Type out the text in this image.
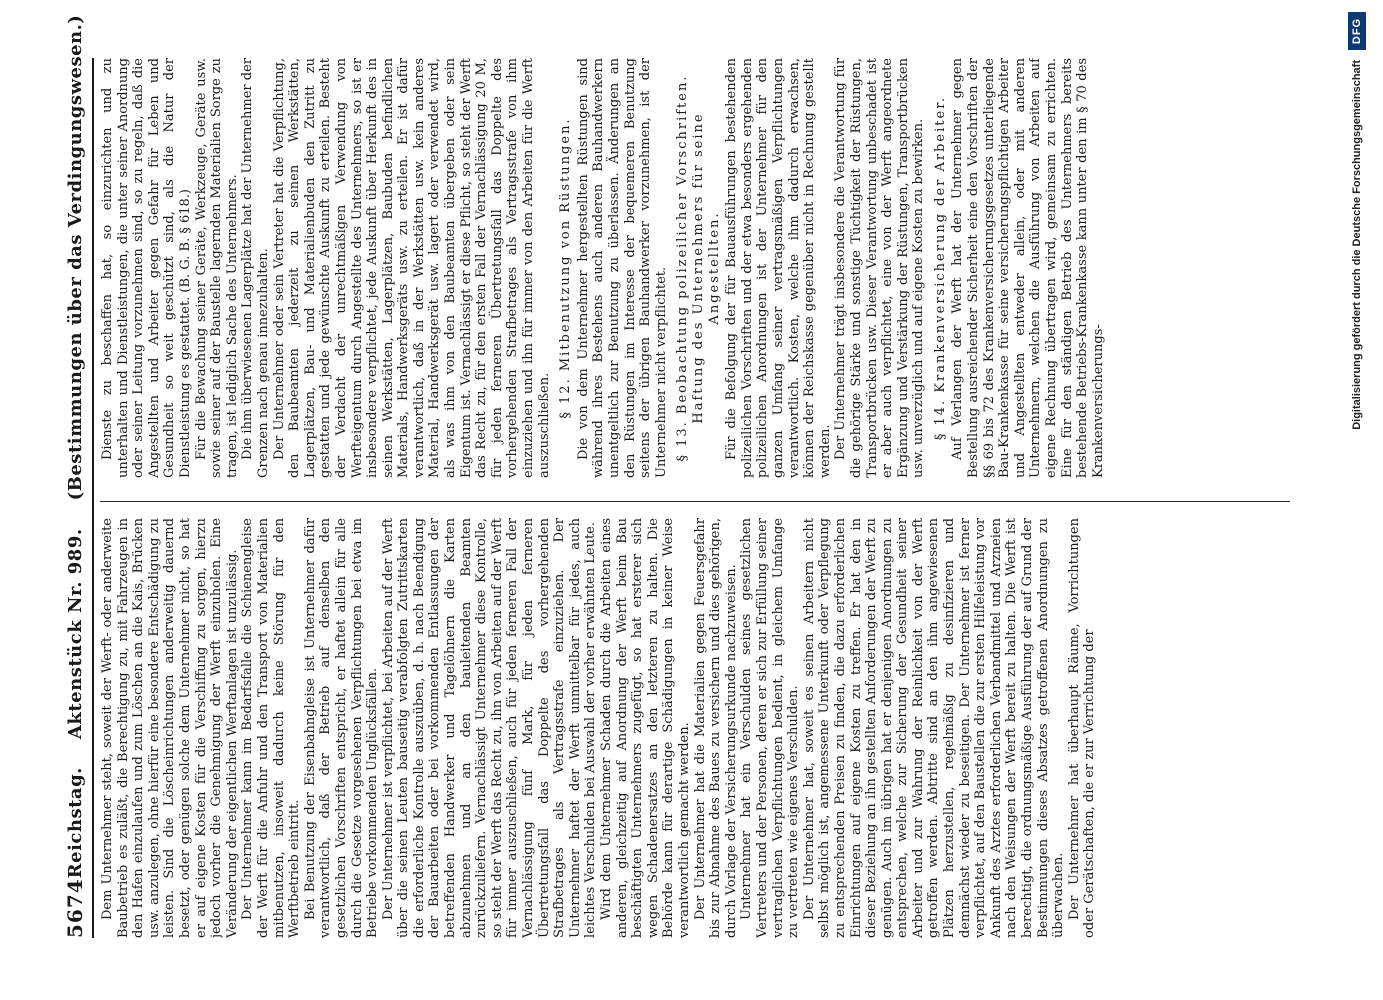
5674
Reichstag.Aktenstück Nr. 989.(Bestimmungen über das Verdingungswesen.)

Dem Unternehmer steht, soweit der Werft- oder anderweite Baubetrieb es zuläßt, die Berechtigung zu, mit Fahrzeugen in den Hafen einzulaufen und zum Löschen an die Kais, Brücken usw. anzulegen, ohne hierfür eine besondere Entschädigung zu leisten. Sind die Löscheinrichtungen anderweitig dauernd besetzt, oder genügen solche dem Unternehmer nicht, so hat er auf eigene Kosten für die Verschiffung zu sorgen, hierzu jedoch vorher die Genehmigung der Werft einzuholen. Eine Veränderung der eigentlichen Werftanlagen ist unzulässig. Der Unternehmer kann im Bedarfsfalle die Schienengleise der Werft für die Anfuhr und den Transport von Materialien mitbenutzen, insoweit dadurch keine Störung für den Werftbetrieb eintritt. Bei Benutzung der Eisenbahngleise ist Unternehmer dafür verantwortlich, daß der Betrieb auf denselben den gesetzlichen Vorschriften entspricht, er haftet allein für alle durch die Gesetze vorgesehenen Verpflichtungen bei etwa im Betriebe vorkommenden Unglücksfällen. Der Unternehmer ist verpflichtet, bei Arbeiten auf der Werft über die seinen Leuten bauseitig verabfolgten Zutrittskarten die erforderliche Kontrolle auszuüben, d. h. nach Beendigung der Bauarbeiten oder bei vorkommenden Entlassungen der betreffenden Handwerker und Tagelöhnern die Karten abzunehmen und an den bauleitenden Beamten zurückzuliefern. Vernachlässigt Unternehmer diese Kontrolle, so steht der Werft das Recht zu, ihn von Arbeiten auf der Werft für immer auszuschließen, auch für jeden ferneren Fall der Vernachlässigung fünf Mark, für jeden ferneren Übertretungsfall das Doppelte des vorhergehenden Strafbetrages als Vertragsstrafe einzuziehen. Der Unternehmer haftet der Werft unmittelbar für jedes, auch leichtes Verschulden bei Auswahl der vorher erwähnten Leute. Wird dem Unternehmer Schaden durch die Arbeiten eines anderen, gleichzeitig auf Anordnung der Werft beim Bau beschäftigten Unternehmers zugefügt, so hat ersterer sich wegen Schadenersatzes an den letzteren zu halten. Die Behörde kann für derartige Schädigungen in keiner Weise verantwortlich gemacht werden. Der Unternehmer hat die Materialien gegen Feuersgefahr bis zur Abnahme des Baues zu versichern und dies gehörigen, durch Vorlage der Versicherungsurkunde nachzuweisen. Unternehmer hat ein Verschulden seines gesetzlichen Vertreters und der Personen, deren er sich zur Erfüllung seiner vertraglichen Verpflichtungen bedient, in gleichem Umfange zu vertreten wie eigenes Verschulden. Der Unternehmer hat, soweit es seinen Arbeitern nicht selbst möglich ist, angemessene Unterkunft oder Verpflegung zu entsprechenden Preisen zu finden, die dazu erforderlichen Einrichtungen auf eigene Kosten zu treffen. Er hat den in dieser Beziehung an ihn gestellten Anforderungen der Werft zu genügen. Auch im übrigen hat er denjenigen Anordnungen zu entsprechen, welche zur Sicherung der Gesundheit seiner Arbeiter und zur Wahrung der Reinlichkeit von der Werft getroffen werden. Abtritte sind an den ihm angewiesenen Plätzen herzustellen, regelmäßig zu desinfizieren und demnächst wieder zu beseitigen. Der Unternehmer ist ferner verpflichtet, auf den Baustellen die zur ersten Hilfeleistung vor Ankunft des Arztes erforderlichen Verbandmittel und Arzneien nach den Weisungen der Werft bereit zu halten. Die Werft ist berechtigt, die ordnungsmäßige Ausführung der auf Grund der Bestimmungen dieses Absatzes getroffenen Anordnungen zu überwachen. Der Unternehmer hat überhaupt Räume, Vorrichtungen oder Gerätschaften, die er zur Verrichtung der

Dienste zu beschaffen hat, so einzurichten und zu unterhalten und Dienstleistungen, die unter seiner Anordnung oder seiner Leitung vorzunehmen sind, so zu regeln, daß die Angestellten und Arbeiter gegen Gefahr für Leben und Gesundheit so weit geschützt sind, als die Natur der Dienstleistung es gestattet. (B. G. B. § 618.) Für die Bewachung seiner Geräte, Werkzeuge, Geräte usw. sowie seiner auf der Baustelle lagernden Materialien Sorge zu tragen, ist lediglich Sache des Unternehmers. Die ihm überwiesenen Lagerplätze hat der Unternehmer der Grenzen nach genau innezuhalten. Der Unternehmer oder sein Vertreter hat die Verpflichtung, den Baubeamten jederzeit zu seinen Werkstätten, Lagerplätzen, Bau- und Materialienbuden den Zutritt zu gestatten und jede gewünschte Auskunft zu erteilen. Besteht der Verdacht der unrechtmäßigen Verwendung von Werfteigentum durch Angestellte des Unternehmers, so ist er insbesondere verpflichtet, jede Auskunft über Herkunft des in seinen Werkstätten, Lagerplätzen, Baubuden befindlichen Materials, Handwerksgeräts usw. zu erteilen. Er ist dafür verantwortlich, daß in der Werkstätten usw. kein anderes Material, Handwerksgerät usw. lagert oder verwendet wird, als was ihm von den Baubeamten übergeben oder sein Eigentum ist. Vernachlässigt er diese Pflicht, so steht der Werft das Recht zu, für den ersten Fall der Vernachlässigung 20 M, für jeden ferneren Übertretungsfall das Doppelte des vorhergehenden Strafbetrages als Vertragsstrafe von ihm einzuziehen und ihn für immer von den Arbeiten für die Werft auszuschließen.

§ 12. Mitbenutzung von Rüstungen. Die von dem Unternehmer hergestellten Rüstungen sind während ihres Bestehens auch anderen Bauhandwerkern unentgeltlich zur Benutzung zu überlassen. Änderungen an den Rüstungen im Interesse der bequemeren Benutzung seitens der übrigen Bauhandwerker vorzunehmen, ist der Unternehmer nicht verpflichtet. § 13. Beobachtung polizeilicher Vorschriften. Haftung des Unternehmers für seine Angestellten. Für die Befolgung der für Bauausführungen bestehenden polizeilichen Vorschriften und der etwa besonders ergehenden polizeilichen Anordnungen ist der Unternehmer für den ganzen Umfang seiner vertragsmäßigen Verpflichtungen verantwortlich. Kosten, welche ihm dadurch erwachsen, können der Reichskasse gegenüber nicht in Rechnung gestellt werden. Der Unternehmer trägt insbesondere die Verantwortung für die gehörige Stärke und sonstige Tüchtigkeit der Rüstungen, Transportbrücken usw. Dieser Verantwortung unbeschadet ist er aber auch verpflichtet, eine von der Werft angeordnete Ergänzung und Verstärkung der Rüstungen, Transportbrücken usw. unverzüglich und auf eigene Kosten zu bewirken. § 14. Krankenversicherung der Arbeiter. Auf Verlangen der Werft hat der Unternehmer gegen Bestellung ausreichender Sicherheit eine den Vorschriften der §§ 69 bis 72 des Krankenversicherungsgesetzes unterliegende Bau-Krankenkasse für seine versicherungspflichtigen Arbeiter und Angestellten entweder allein, oder mit anderen Unternehmern, welchen die Ausführung von Arbeiten auf eigene Rechnung übertragen wird, gemeinsam zu errichten. Eine für den ständigen Betrieb des Unternehmers bereits bestehende Betriebs-Krankenkasse kann unter den im § 70 des Krankenversicherungs-	Digitalisierung gefördert durch die Deutsche Forschungsgemeinschaft
DFG
